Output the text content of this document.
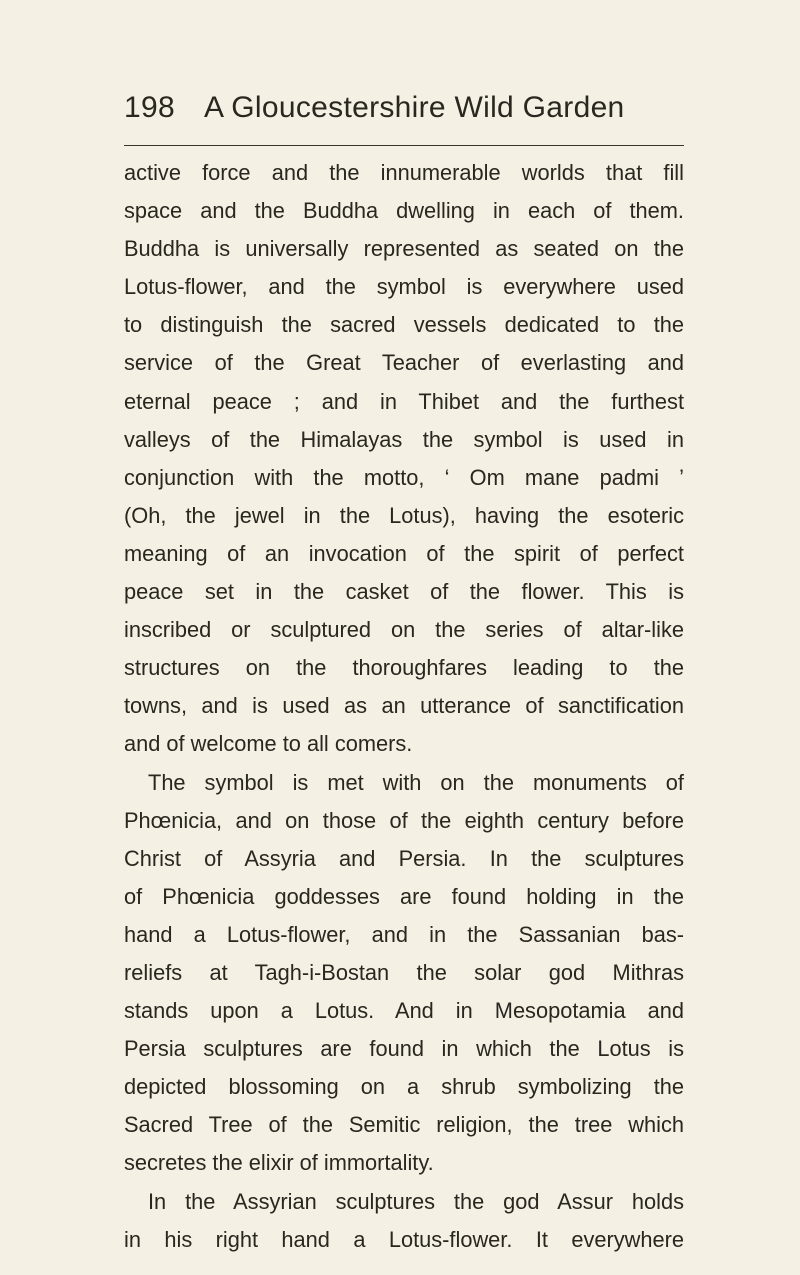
198 A Gloucestershire Wild Garden
active force and the innumerable worlds that fill
space and the Buddha dwelling in each of them.
Buddha is universally represented as seated on the
Lotus-flower, and the symbol is everywhere used
to distinguish the sacred vessels dedicated to the
service of the Great Teacher of everlasting and
eternal peace ; and in Thibet and the furthest
valleys of the Himalayas the symbol is used in
conjunction with the motto, ‘ Om mane padmi ’
(Oh, the jewel in the Lotus), having the esoteric
meaning of an invocation of the spirit of perfect
peace set in the casket of the flower. This is
inscribed or sculptured on the series of altar-like
structures on the thoroughfares leading to the
towns, and is used as an utterance of sanctification
and of welcome to all comers.
The symbol is met with on the monuments of
Phœnicia, and on those of the eighth century before
Christ of Assyria and Persia. In the sculptures
of Phœnicia goddesses are found holding in the
hand a Lotus-flower, and in the Sassanian bas-
reliefs at Tagh-i-Bostan the solar god Mithras
stands upon a Lotus. And in Mesopotamia and
Persia sculptures are found in which the Lotus is
depicted blossoming on a shrub symbolizing the
Sacred Tree of the Semitic religion, the tree which
secretes the elixir of immortality.
In the Assyrian sculptures the god Assur holds
in his right hand a Lotus-flower. It everywhere
